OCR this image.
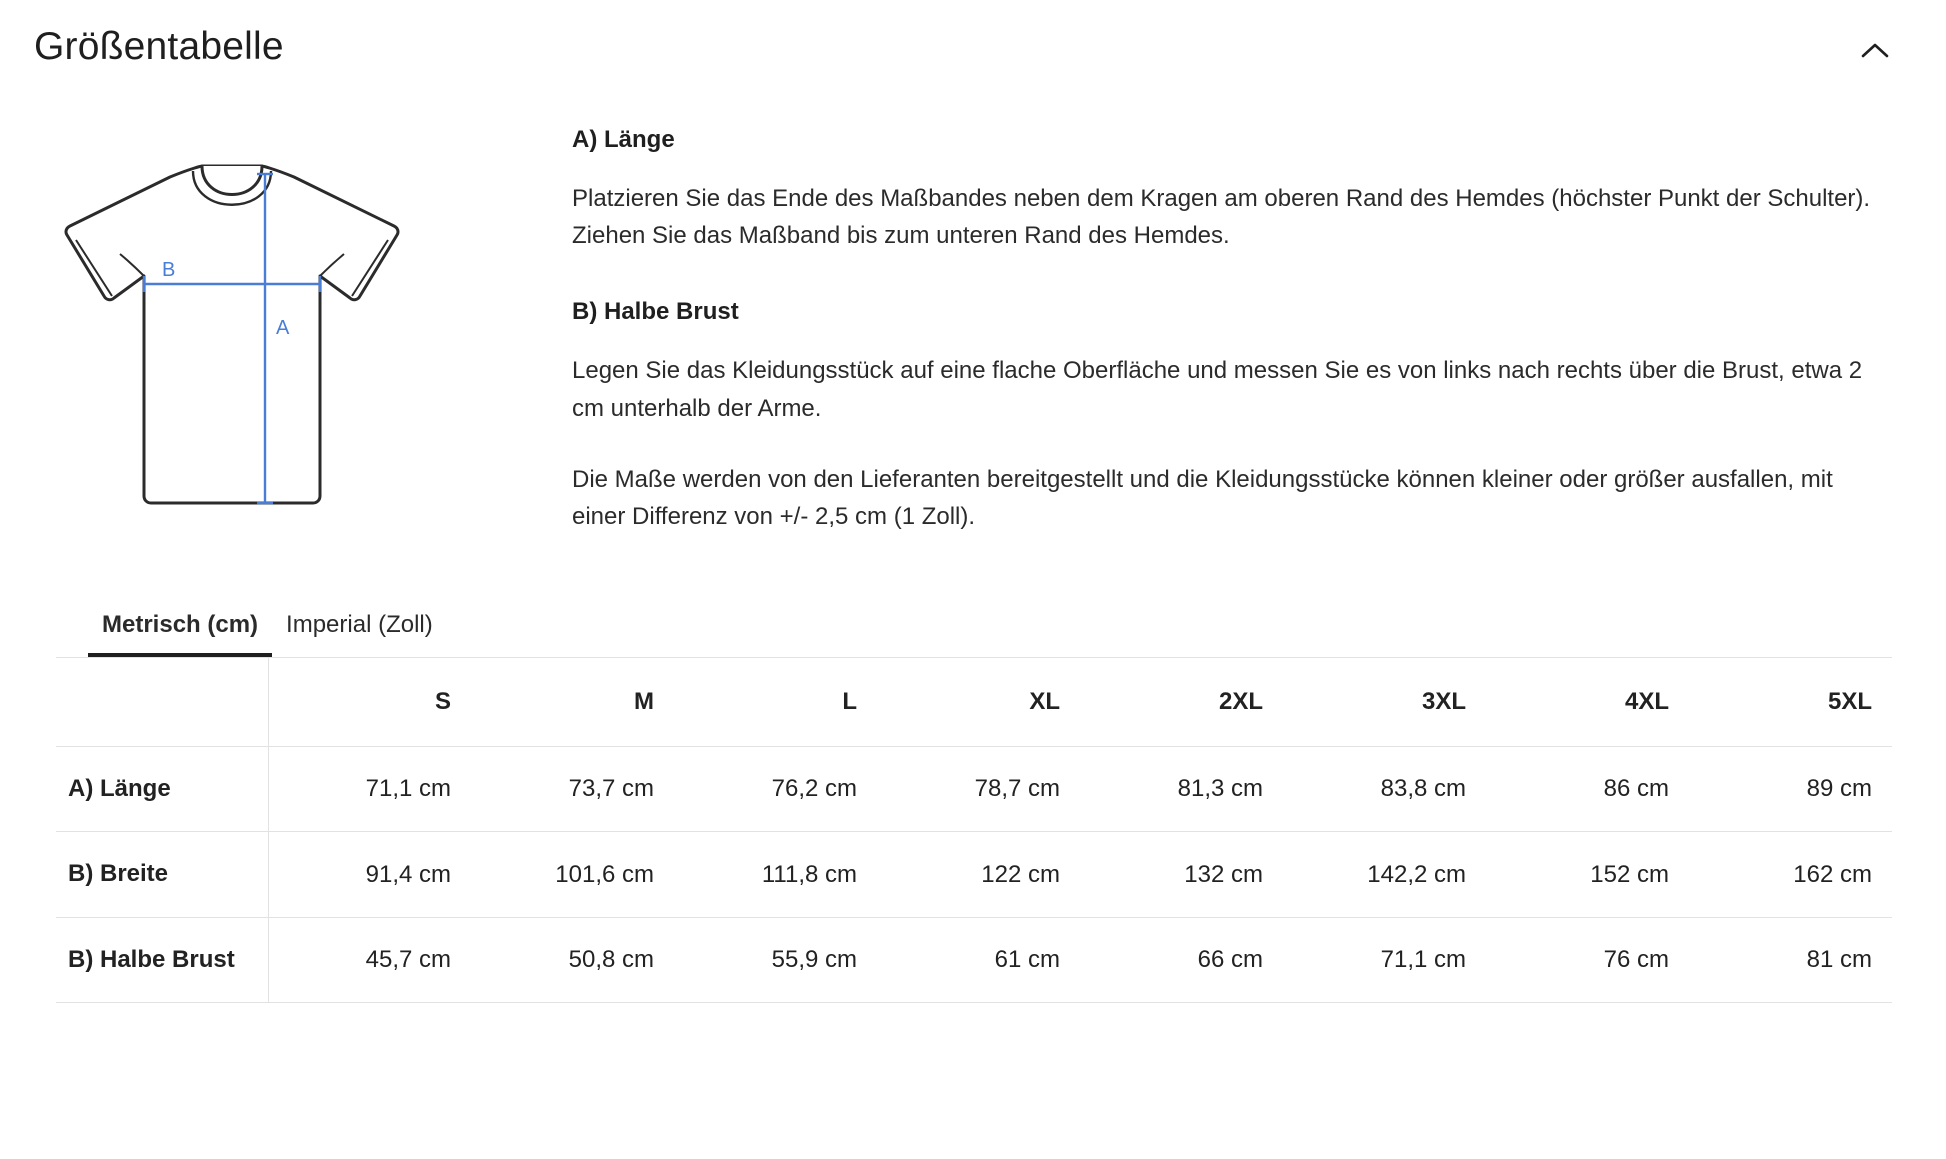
Größentabelle
B
A
A) Länge

Platzieren Sie das Ende des Maßbandes neben dem Kragen am oberen Rand des Hemdes (höchster Punkt der Schulter). Ziehen Sie das Maßband bis zum unteren Rand des Hemdes.

B) Halbe Brust

Legen Sie das Kleidungsstück auf eine flache Oberfläche und messen Sie es von links nach rechts über die Brust, etwa 2 cm unterhalb der Arme.

Die Maße werden von den Lieferanten bereitgestellt und die Kleidungsstücke können kleiner oder größer ausfallen, mit einer Differenz von +/- 2,5 cm (1 Zoll).

Metrisch (cm)	Imperial (Zoll)
	S	M	L	XL	2XL	3XL	4XL	5XL
A) Länge	71,1 cm	73,7 cm	76,2 cm	78,7 cm	81,3 cm	83,8 cm	86 cm	89 cm
B) Breite	91,4 cm	101,6 cm	111,8 cm	122 cm	132 cm	142,2 cm	152 cm	162 cm
B) Halbe Brust	45,7 cm	50,8 cm	55,9 cm	61 cm	66 cm	71,1 cm	76 cm	81 cm
